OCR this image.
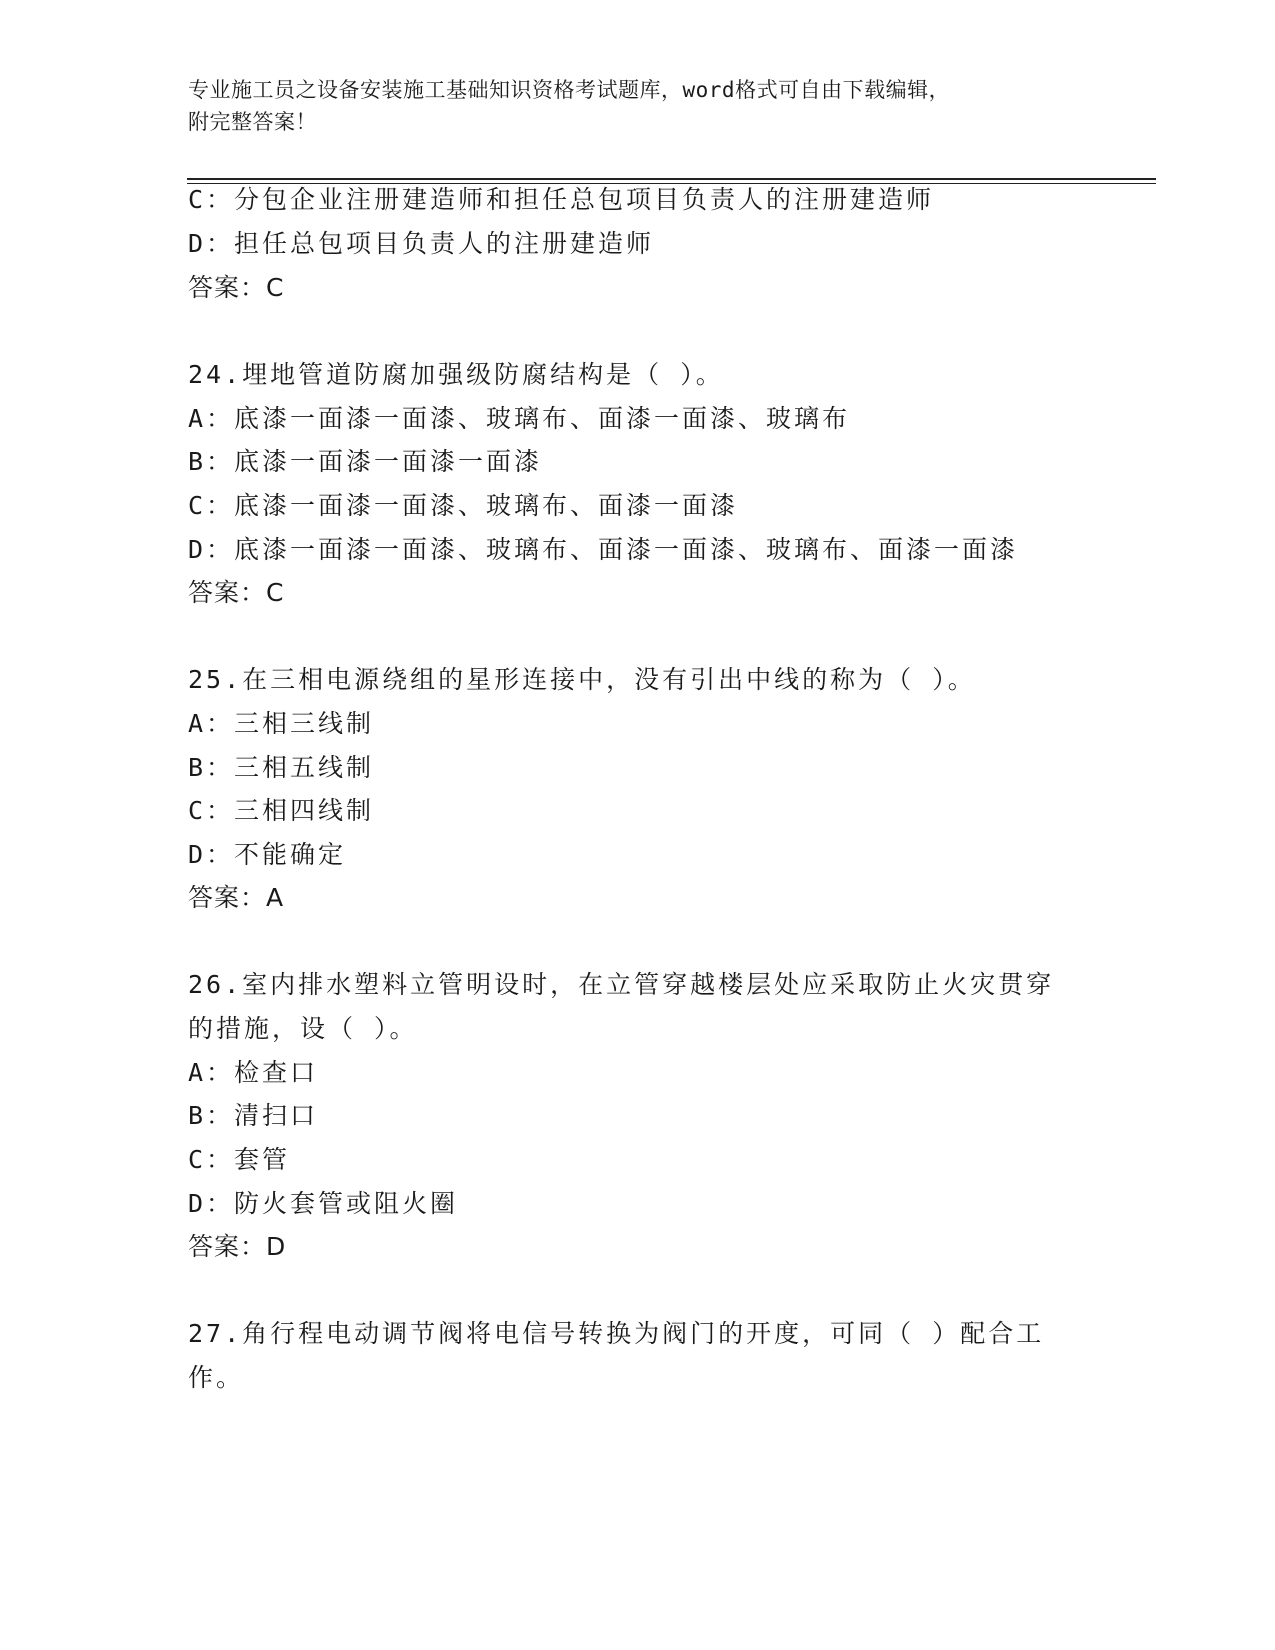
专业施工员之设备安装施工基础知识资格考试题库，word格式可自由下载编辑，
附完整答案！
C：分包企业注册建造师和担任总包项目负责人的注册建造师
D：担任总包项目负责人的注册建造师
答案：C
24.埋地管道防腐加强级防腐结构是（ ）。
A：底漆一面漆一面漆、玻璃布、面漆一面漆、玻璃布
B：底漆一面漆一面漆一面漆
C：底漆一面漆一面漆、玻璃布、面漆一面漆
D：底漆一面漆一面漆、玻璃布、面漆一面漆、玻璃布、面漆一面漆
答案：C
25.在三相电源绕组的星形连接中，没有引出中线的称为（ ）。
A：三相三线制
B：三相五线制
C：三相四线制
D：不能确定
答案：A
26.室内排水塑料立管明设时，在立管穿越楼层处应采取防止火灾贯穿
的措施，设（ ）。
A：检查口
B：清扫口
C：套管
D：防火套管或阻火圈
答案：D
27.角行程电动调节阀将电信号转换为阀门的开度，可同（ ）配合工
作。
